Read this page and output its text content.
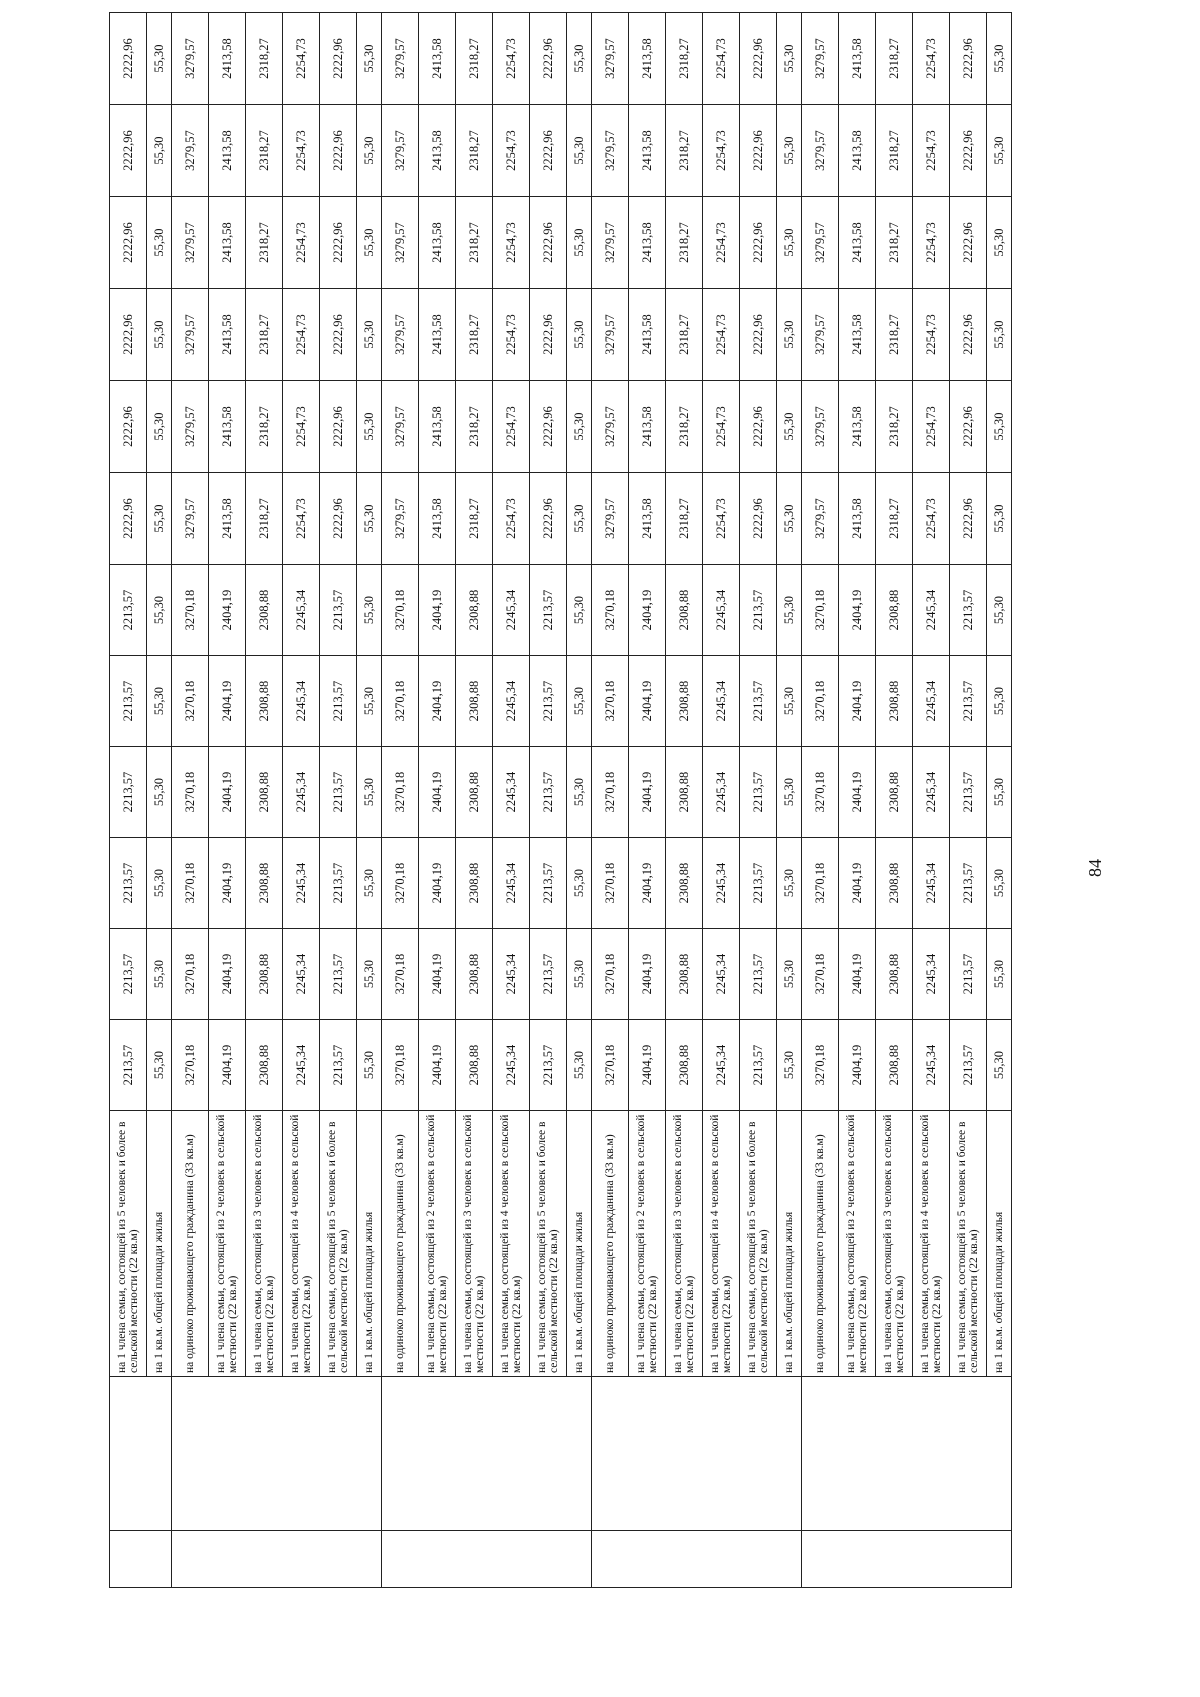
		на 1 члена семьи, состоящей из 5 человек и более в сельской местности (22 кв.м)	2213,57	2213,57	2213,57	2213,57	2213,57	2213,57	2222,96	2222,96	2222,96	2222,96	2222,96	2222,96
		на 1 кв.м. общей площади жилья	55,30	55,30	55,30	55,30	55,30	55,30	55,30	55,30	55,30	55,30	55,30	55,30
		на одиноко проживающего гражданина (33 кв.м)	3270,18	3270,18	3270,18	3270,18	3270,18	3270,18	3279,57	3279,57	3279,57	3279,57	3279,57	3279,57
		на 1 члена семьи, состоящей из 2 человек в сельской местности (22 кв.м)	2404,19	2404,19	2404,19	2404,19	2404,19	2404,19	2413,58	2413,58	2413,58	2413,58	2413,58	2413,58
		на 1 члена семьи, состоящей из 3 человек в сельской местности (22 кв.м)	2308,88	2308,88	2308,88	2308,88	2308,88	2308,88	2318,27	2318,27	2318,27	2318,27	2318,27	2318,27
		на 1 члена семьи, состоящей из 4 человек в сельской местности (22 кв.м)	2245,34	2245,34	2245,34	2245,34	2245,34	2245,34	2254,73	2254,73	2254,73	2254,73	2254,73	2254,73
		на 1 члена семьи, состоящей из 5 человек и более в сельской местности (22 кв.м)	2213,57	2213,57	2213,57	2213,57	2213,57	2213,57	2222,96	2222,96	2222,96	2222,96	2222,96	2222,96
		на 1 кв.м. общей площади жилья	55,30	55,30	55,30	55,30	55,30	55,30	55,30	55,30	55,30	55,30	55,30	55,30
		на одиноко проживающего гражданина (33 кв.м)	3270,18	3270,18	3270,18	3270,18	3270,18	3270,18	3279,57	3279,57	3279,57	3279,57	3279,57	3279,57
		на 1 члена семьи, состоящей из 2 человек в сельской местности (22 кв.м)	2404,19	2404,19	2404,19	2404,19	2404,19	2404,19	2413,58	2413,58	2413,58	2413,58	2413,58	2413,58
		на 1 члена семьи, состоящей из 3 человек в сельской местности (22 кв.м)	2308,88	2308,88	2308,88	2308,88	2308,88	2308,88	2318,27	2318,27	2318,27	2318,27	2318,27	2318,27
		на 1 члена семьи, состоящей из 4 человек в сельской местности (22 кв.м)	2245,34	2245,34	2245,34	2245,34	2245,34	2245,34	2254,73	2254,73	2254,73	2254,73	2254,73	2254,73
		на 1 члена семьи, состоящей из 5 человек и более в сельской местности (22 кв.м)	2213,57	2213,57	2213,57	2213,57	2213,57	2213,57	2222,96	2222,96	2222,96	2222,96	2222,96	2222,96
		на 1 кв.м. общей площади жилья	55,30	55,30	55,30	55,30	55,30	55,30	55,30	55,30	55,30	55,30	55,30	55,30
		на одиноко проживающего гражданина (33 кв.м)	3270,18	3270,18	3270,18	3270,18	3270,18	3270,18	3279,57	3279,57	3279,57	3279,57	3279,57	3279,57
		на 1 члена семьи, состоящей из 2 человек в сельской местности (22 кв.м)	2404,19	2404,19	2404,19	2404,19	2404,19	2404,19	2413,58	2413,58	2413,58	2413,58	2413,58	2413,58
		на 1 члена семьи, состоящей из 3 человек в сельской местности (22 кв.м)	2308,88	2308,88	2308,88	2308,88	2308,88	2308,88	2318,27	2318,27	2318,27	2318,27	2318,27	2318,27
		на 1 члена семьи, состоящей из 4 человек в сельской местности (22 кв.м)	2245,34	2245,34	2245,34	2245,34	2245,34	2245,34	2254,73	2254,73	2254,73	2254,73	2254,73	2254,73
		на 1 члена семьи, состоящей из 5 человек и более в сельской местности (22 кв.м)	2213,57	2213,57	2213,57	2213,57	2213,57	2213,57	2222,96	2222,96	2222,96	2222,96	2222,96	2222,96
		на 1 кв.м. общей площади жилья	55,30	55,30	55,30	55,30	55,30	55,30	55,30	55,30	55,30	55,30	55,30	55,30
		на одиноко проживающего гражданина (33 кв.м)	3270,18	3270,18	3270,18	3270,18	3270,18	3270,18	3279,57	3279,57	3279,57	3279,57	3279,57	3279,57
		на 1 члена семьи, состоящей из 2 человек в сельской местности (22 кв.м)	2404,19	2404,19	2404,19	2404,19	2404,19	2404,19	2413,58	2413,58	2413,58	2413,58	2413,58	2413,58
		на 1 члена семьи, состоящей из 3 человек в сельской местности (22 кв.м)	2308,88	2308,88	2308,88	2308,88	2308,88	2308,88	2318,27	2318,27	2318,27	2318,27	2318,27	2318,27
		на 1 члена семьи, состоящей из 4 человек в сельской местности (22 кв.м)	2245,34	2245,34	2245,34	2245,34	2245,34	2245,34	2254,73	2254,73	2254,73	2254,73	2254,73	2254,73
		на 1 члена семьи, состоящей из 5 человек и более в сельской местности (22 кв.м)	2213,57	2213,57	2213,57	2213,57	2213,57	2213,57	2222,96	2222,96	2222,96	2222,96	2222,96	2222,96
		на 1 кв.м. общей площади жилья	55,30	55,30	55,30	55,30	55,30	55,30	55,30	55,30	55,30	55,30	55,30	55,30
84
